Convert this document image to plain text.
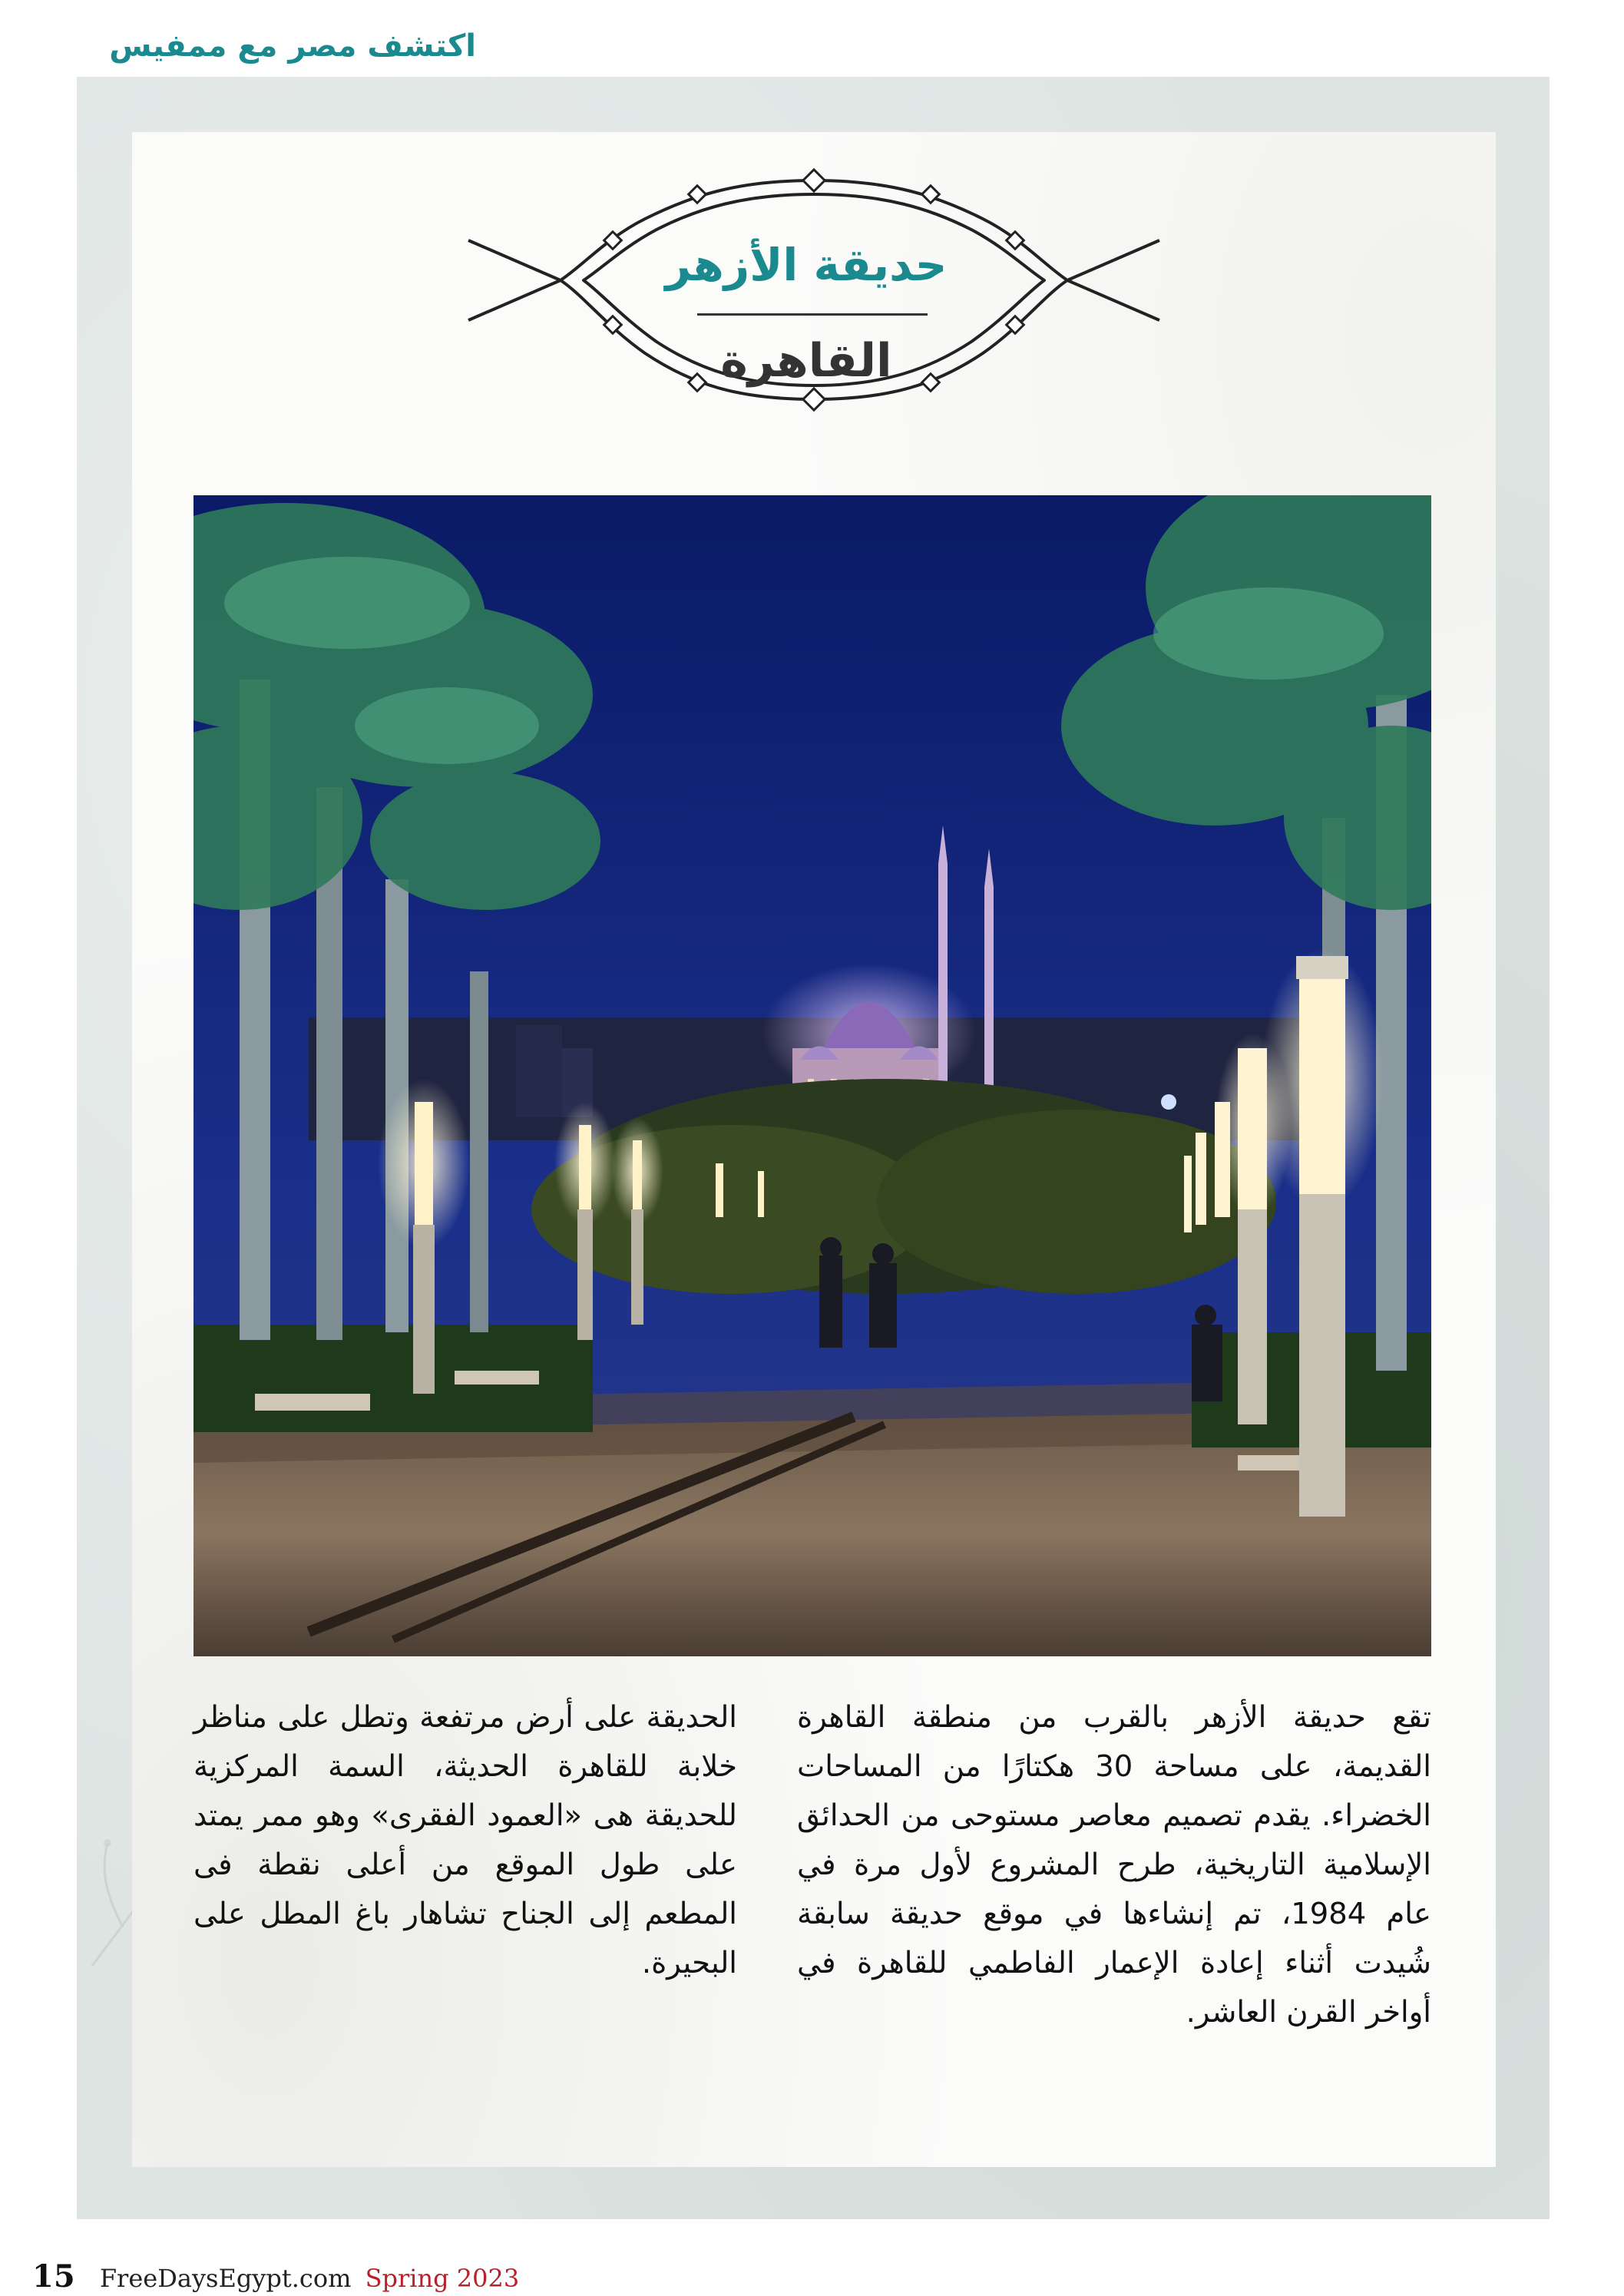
اكتشف مصر مع ممفيس
حديقة الأزهر
القاهرة
تقع حديقة الأزهر بالقرب من منطقة القاهرة القديمة، على مساحة 30 هكتارًا من المساحات الخضراء. يقدم تصميم معاصر مستوحى من الحدائق الإسلامية التاريخية، طرح المشروع لأول مرة في عام 1984، تم إنشاءها في موقع حديقة سابقة شُيدت أثناء إعادة الإعمار الفاطمي للقاهرة في أواخر القرن العاشر.
الحديقة على أرض مرتفعة وتطل على مناظر خلابة للقاهرة الحديثة، السمة المركزية للحديقة هى «العمود الفقرى» وهو ممر يمتد على طول الموقع من أعلى نقطة فى المطعم إلى الجناح تشاهار باغ المطل على البحيرة.
15 FreeDaysEgypt.com Spring 2023
